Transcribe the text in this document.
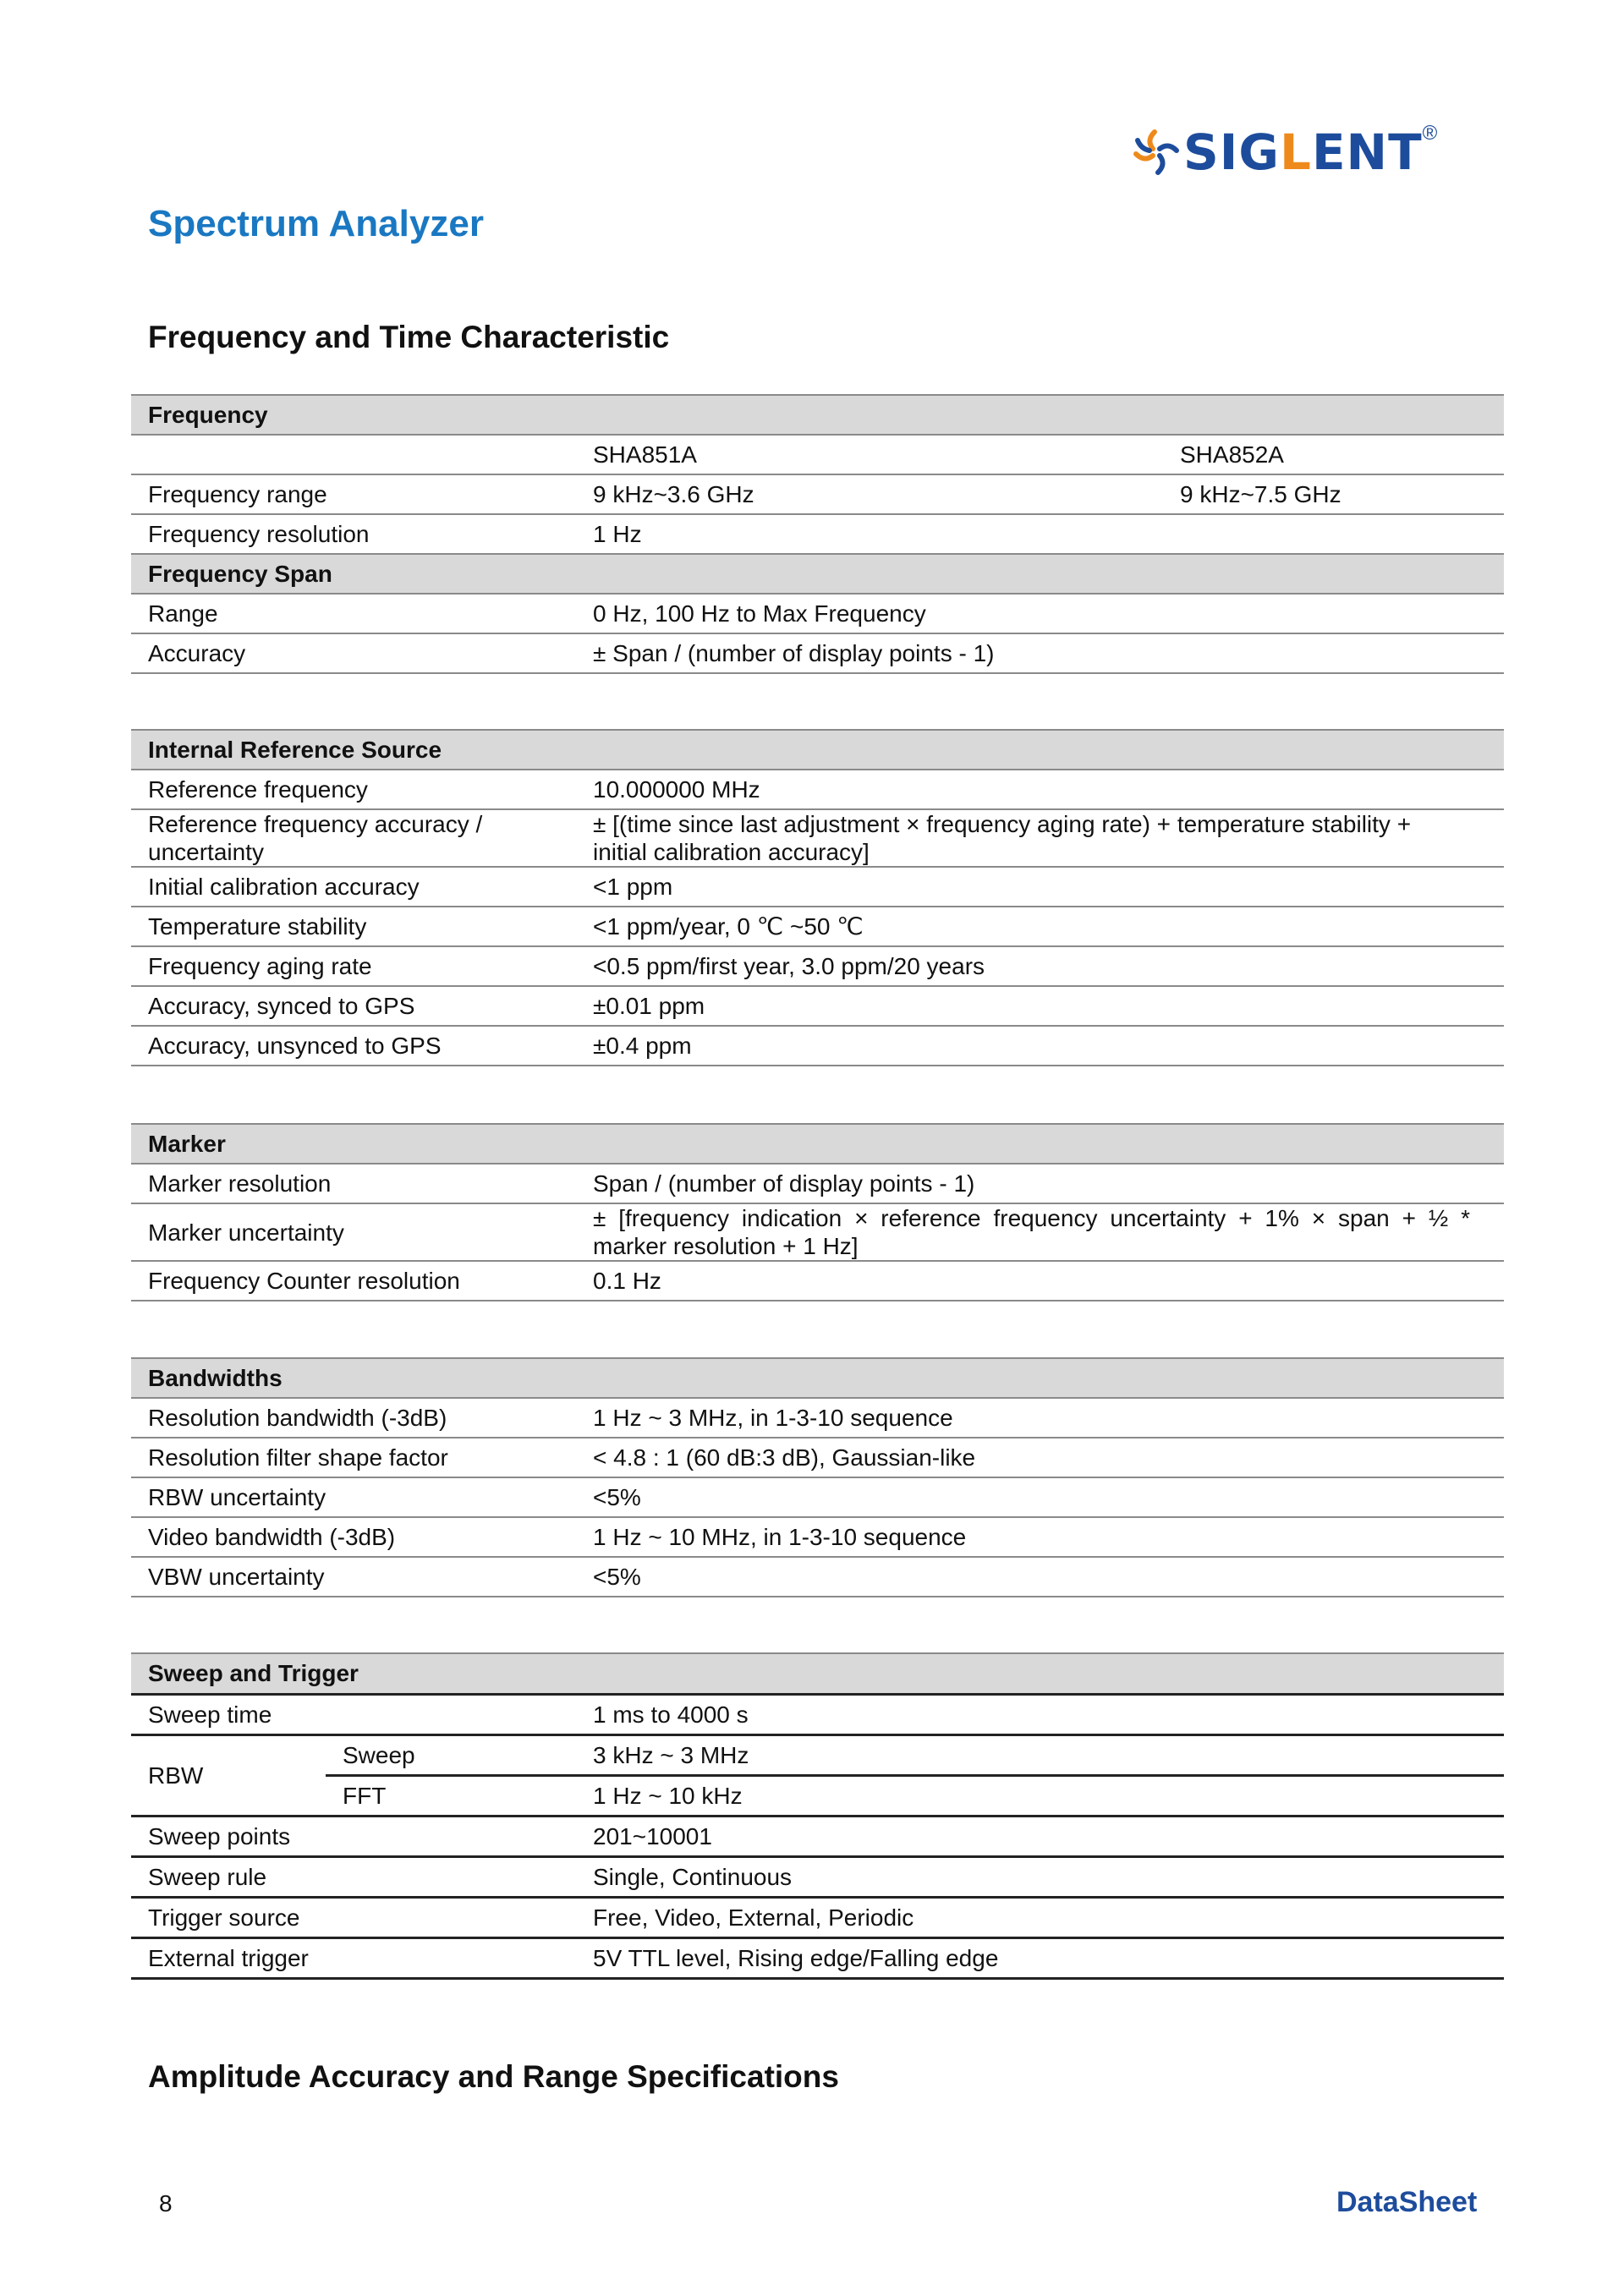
SIGLENT®
Spectrum Analyzer
Frequency and Time Characteristic
Frequency		
	SHA851A	SHA852A
Frequency range	9 kHz~3.6 GHz	9 kHz~7.5 GHz
Frequency resolution	1 Hz	
Frequency Span		
Range	0 Hz, 100 Hz to Max Frequency	
Accuracy	± Span / (number of display points - 1)	
Internal Reference Source	
Reference frequency	10.000000 MHz
Reference frequency accuracy / uncertainty	± [(time since last adjustment × frequency aging rate) + temperature stability + initial calibration accuracy]
Initial calibration accuracy	<1 ppm
Temperature stability	<1 ppm/year, 0 ℃ ~50 ℃
Frequency aging rate	<0.5 ppm/first year, 3.0 ppm/20 years
Accuracy, synced to GPS	±0.01 ppm
Accuracy, unsynced to GPS	±0.4 ppm
Marker	
Marker resolution	Span / (number of display points - 1)
Marker uncertainty	± [frequency indication × reference frequency uncertainty + 1% × span + ½ * marker resolution + 1 Hz]
Frequency Counter resolution	0.1 Hz
Bandwidths	
Resolution bandwidth (-3dB)	1 Hz ~ 3 MHz, in 1-3-10 sequence
Resolution filter shape factor	< 4.8 : 1 (60 dB:3 dB), Gaussian-like
RBW uncertainty	<5%
Video bandwidth (-3dB)	1 Hz ~ 10 MHz, in 1-3-10 sequence
VBW uncertainty	<5%
Sweep and Trigger		
Sweep time		1 ms to 4000 s
RBW	Sweep	3 kHz ~ 3 MHz
	FFT	1 Hz ~ 10 kHz
Sweep points		201~10001
Sweep rule		Single, Continuous
Trigger source		Free, Video, External, Periodic
External trigger		5V TTL level, Rising edge/Falling edge
Amplitude Accuracy and Range Specifications
8	DataSheet
